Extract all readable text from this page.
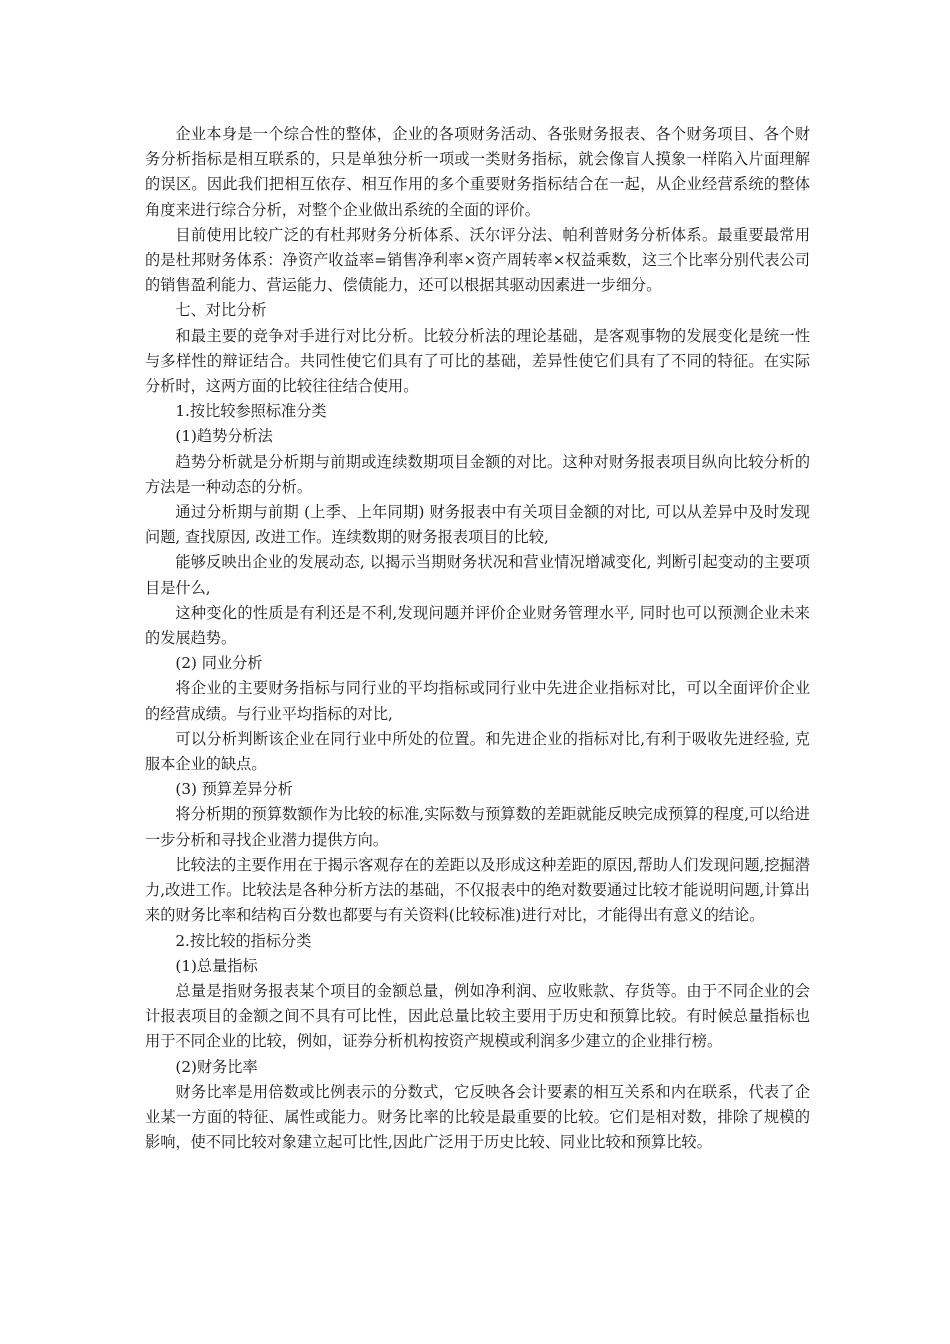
企业本身是一个综合性的整体，企业的各项财务活动、各张财务报表、各个财务项目、各个财务分析指标是相互联系的，只是单独分析一项或一类财务指标，就会像盲人摸象一样陷入片面理解的误区。因此我们把相互依存、相互作用的多个重要财务指标结合在一起，从企业经营系统的整体角度来进行综合分析，对整个企业做出系统的全面的评价。

目前使用比较广泛的有杜邦财务分析体系、沃尔评分法、帕利普财务分析体系。最重要最常用的是杜邦财务体系：净资产收益率=销售净利率×资产周转率×权益乘数，这三个比率分别代表公司的销售盈利能力、营运能力、偿债能力，还可以根据其驱动因素进一步细分。

七、对比分析

和最主要的竞争对手进行对比分析。比较分析法的理论基础，是客观事物的发展变化是统一性与多样性的辩证结合。共同性使它们具有了可比的基础，差异性使它们具有了不同的特征。在实际分析时，这两方面的比较往往结合使用。

1.按比较参照标准分类

(1)趋势分析法

趋势分析就是分析期与前期或连续数期项目金额的对比。这种对财务报表项目纵向比较分析的方法是一种动态的分析。

通过分析期与前期 (上季、上年同期) 财务报表中有关项目金额的对比, 可以从差异中及时发现问题, 查找原因, 改进工作。连续数期的财务报表项目的比较,

能够反映出企业的发展动态, 以揭示当期财务状况和营业情况增减变化, 判断引起变动的主要项目是什么,

这种变化的性质是有利还是不利,发现问题并评价企业财务管理水平, 同时也可以预测企业未来的发展趋势。

(2) 同业分析

将企业的主要财务指标与同行业的平均指标或同行业中先进企业指标对比，可以全面评价企业的经营成绩。与行业平均指标的对比,

可以分析判断该企业在同行业中所处的位置。和先进企业的指标对比,有利于吸收先进经验, 克服本企业的缺点。

(3) 预算差异分析

将分析期的预算数额作为比较的标准,实际数与预算数的差距就能反映完成预算的程度,可以给进一步分析和寻找企业潜力提供方向。

比较法的主要作用在于揭示客观存在的差距以及形成这种差距的原因,帮助人们发现问题,挖掘潜力,改进工作。比较法是各种分析方法的基础，不仅报表中的绝对数要通过比较才能说明问题,计算出来的财务比率和结构百分数也都要与有关资料(比较标准)进行对比，才能得出有意义的结论。

2.按比较的指标分类

(1)总量指标

总量是指财务报表某个项目的金额总量，例如净利润、应收账款、存货等。由于不同企业的会计报表项目的金额之间不具有可比性，因此总量比较主要用于历史和预算比较。有时候总量指标也用于不同企业的比较，例如，证券分析机构按资产规模或利润多少建立的企业排行榜。

(2)财务比率

财务比率是用倍数或比例表示的分数式，它反映各会计要素的相互关系和内在联系，代表了企业某一方面的特征、属性或能力。财务比率的比较是最重要的比较。它们是相对数，排除了规模的影响，使不同比较对象建立起可比性,因此广泛用于历史比较、同业比较和预算比较。
